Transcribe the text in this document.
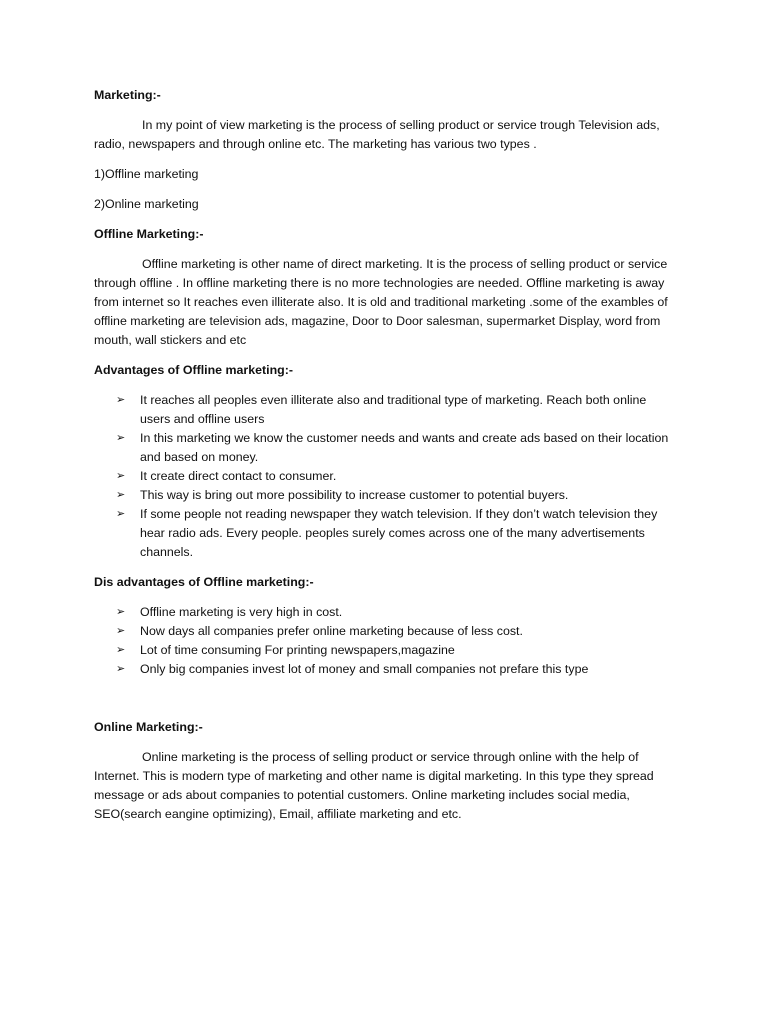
Marketing:-
In my point of view marketing is the process of selling product or service trough Television ads, radio, newspapers and through online etc. The marketing has various two types .
1)Offline marketing
2)Online marketing
Offline Marketing:-
Offline marketing is other name of direct marketing. It is the process of selling product or service through offline . In offline marketing there is no more technologies are needed. Offline marketing is away from internet so It reaches even illiterate also. It is old and traditional marketing .some of the exambles of offline marketing are television ads, magazine, Door to Door salesman, supermarket Display, word from mouth, wall stickers and etc
Advantages of Offline marketing:-
➢ It reaches all peoples even illiterate also and traditional type of marketing. Reach both online users and offline users
➢ In this marketing we know the customer needs and wants and create ads based on their location and based on money.
➢ It create direct contact to consumer.
➢ This way is bring out more possibility to increase customer to potential buyers.
➢ If some people not reading newspaper they watch television. If they don’t watch television they hear radio ads. Every people. peoples surely comes across one of the many advertisements channels.
Dis advantages of Offline marketing:-
➢ Offline marketing is very high in cost.
➢ Now days all companies prefer online marketing because of less cost.
➢ Lot of time consuming For printing newspapers,magazine
➢ Only big companies invest lot of money and small companies not prefare this type
Online Marketing:-
Online marketing is the process of selling product or service through online with the help of Internet. This is modern type of marketing and other name is digital marketing. In this type they spread message or ads about companies to potential customers. Online marketing includes social media, SEO(search eangine optimizing), Email, affiliate marketing and etc.
